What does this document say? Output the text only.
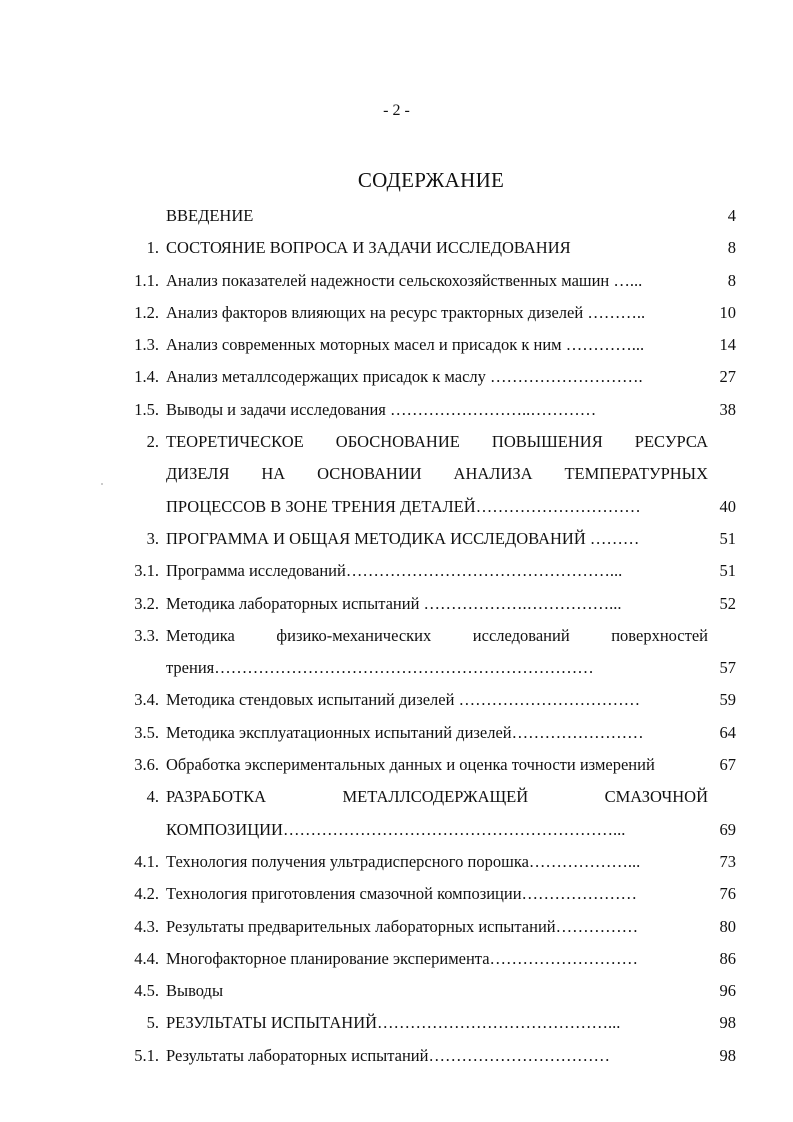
- 2 -
СОДЕРЖАНИЕ
ВВЕДЕНИЕ	4
1. СОСТОЯНИЕ ВОПРОСА И ЗАДАЧИ ИССЛЕДОВАНИЯ	8
1.1. Анализ показателей надежности сельскохозяйственных машин …...	8
1.2. Анализ факторов влияющих на ресурс тракторных дизелей ………..	10
1.3. Анализ современных моторных масел и присадок к ним …………...	14
1.4. Анализ металлсодержащих присадок к маслу ……………………….	27
1.5. Выводы и задачи исследования ……………………..…………	38
2. ТЕОРЕТИЧЕСКОЕ ОБОСНОВАНИЕ ПОВЫШЕНИЯ РЕСУРСА
ДИЗЕЛЯ НА ОСНОВАНИИ АНАЛИЗА ТЕМПЕРАТУРНЫХ
ПРОЦЕССОВ В ЗОНЕ ТРЕНИЯ ДЕТАЛЕЙ…………………………	40
3. ПРОГРАММА И ОБЩАЯ МЕТОДИКА ИССЛЕДОВАНИЙ ………	51
3.1. Программа исследований…………………………………………...	51
3.2. Методика лабораторных испытаний ……………….……………...	52
3.3. Методика физико-механических исследований поверхностей
трения……………………………………………………………	57
3.4. Методика стендовых испытаний дизелей ……………………………	59
3.5. Методика эксплуатационных испытаний дизелей……………………	64
3.6. Обработка экспериментальных данных и оценка точности измерений	67
4. РАЗРАБОТКА МЕТАЛЛСОДЕРЖАЩЕЙ СМАЗОЧНОЙ
КОМПОЗИЦИИ……………………………………………………...	69
4.1. Технология получения ультрадисперсного порошка………………...	73
4.2. Технология приготовления смазочной композиции…………………	76
4.3. Результаты предварительных лабораторных испытаний……………	80
4.4. Многофакторное планирование эксперимента………………………	86
4.5. Выводы	96
5. РЕЗУЛЬТАТЫ ИСПЫТАНИЙ……………………………………...	98
5.1. Результаты лабораторных испытаний……………………………	98
